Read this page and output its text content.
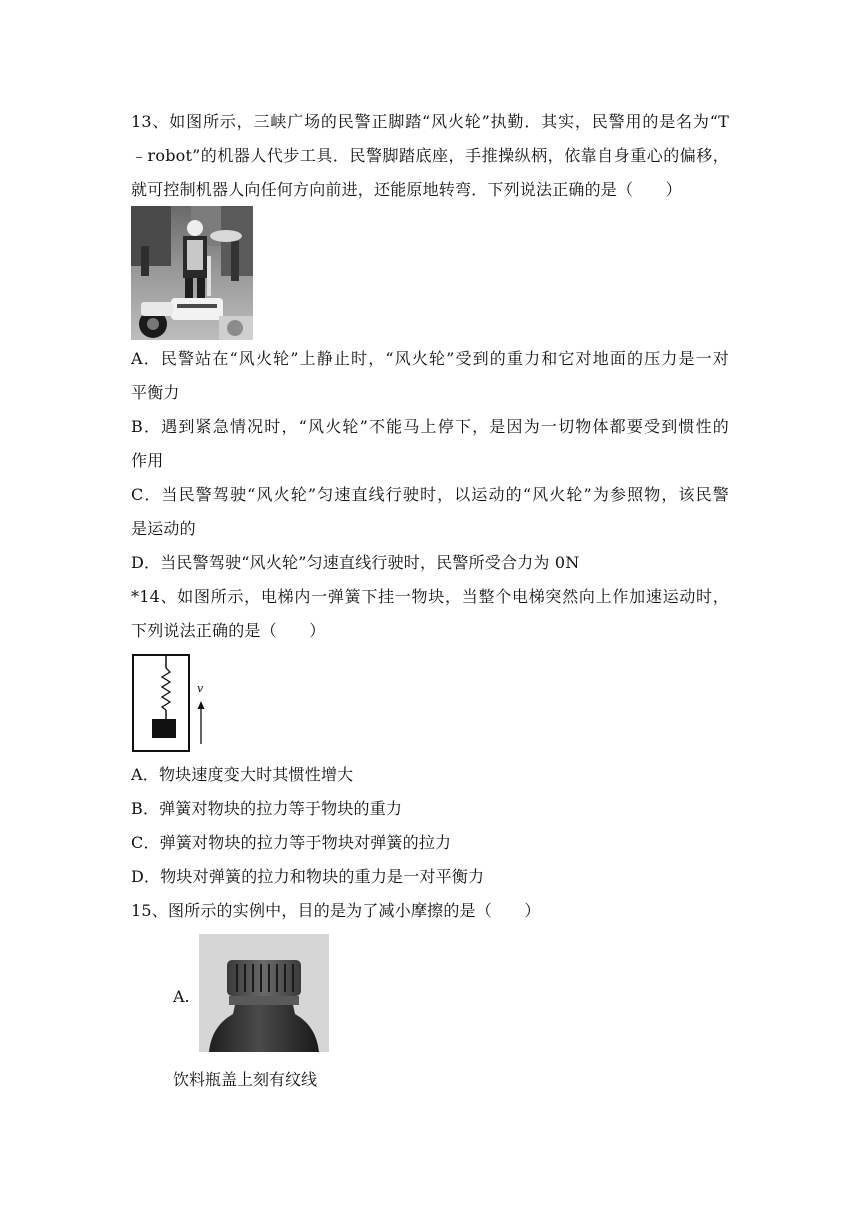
13、如图所示，三峡广场的民警正脚踏“风火轮”执勤．其实，民警用的是名为“T
﹣robot”的机器人代步工具．民警脚踏底座，手推操纵柄，依靠自身重心的偏移，
就可控制机器人向任何方向前进，还能原地转弯．下列说法正确的是（　　）
A．民警站在“风火轮”上静止时，“风火轮”受到的重力和它对地面的压力是一对
平衡力
B．遇到紧急情况时，“风火轮”不能马上停下，是因为一切物体都要受到惯性的
作用
C．当民警驾驶“风火轮”匀速直线行驶时，以运动的“风火轮”为参照物，该民警
是运动的
D．当民警驾驶“风火轮”匀速直线行驶时，民警所受合力为 0N
*14、如图所示，电梯内一弹簧下挂一物块，当整个电梯突然向上作加速运动时，
下列说法正确的是（　　）
v
A．物块速度变大时其惯性增大
B．弹簧对物块的拉力等于物块的重力
C．弹簧对物块的拉力等于物块对弹簧的拉力
D．物块对弹簧的拉力和物块的重力是一对平衡力
15、图所示的实例中，目的是为了减小摩擦的是（　　）
A.
饮料瓶盖上刻有纹线
